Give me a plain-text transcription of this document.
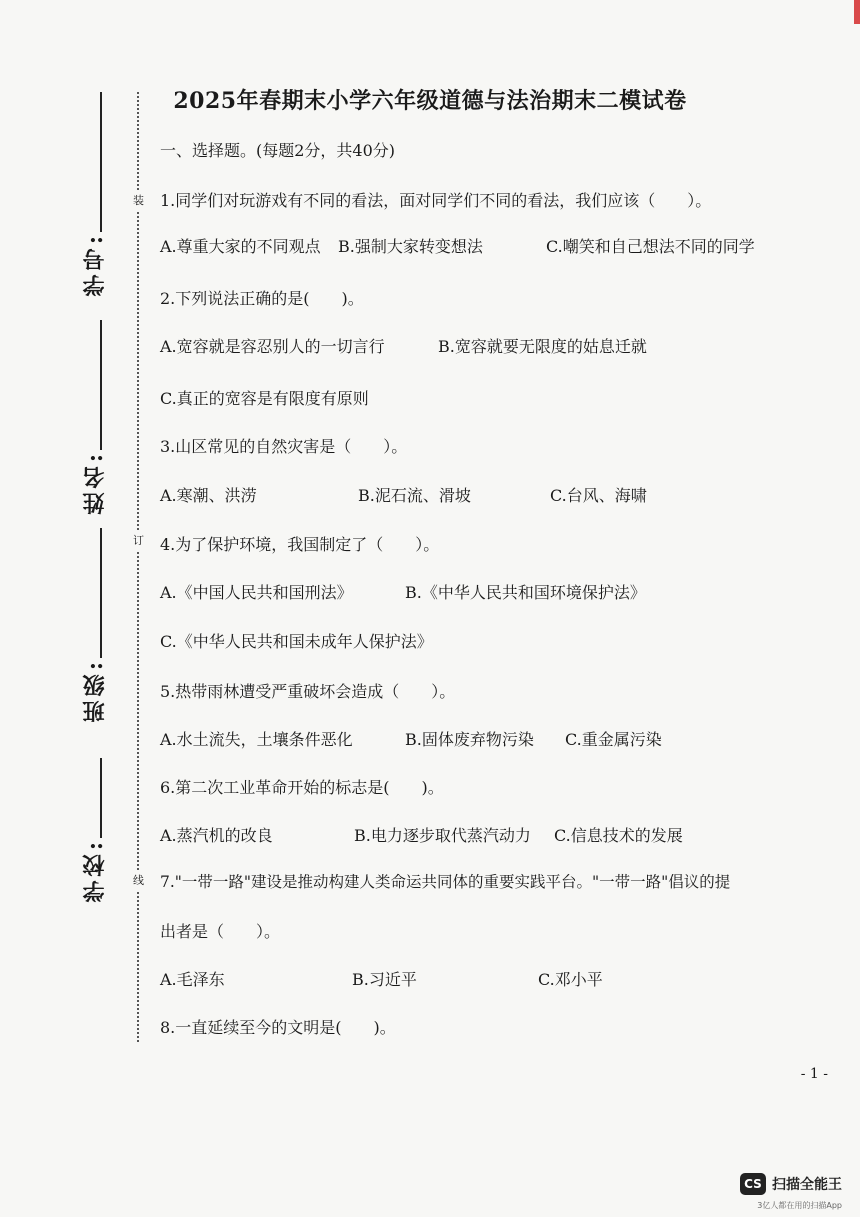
2025年春期末小学六年级道德与法治期末二模试卷
装
订
线
学号:
姓名:
班级:
学校:
一、选择题。(每题2分，共40分)
1.同学们对玩游戏有不同的看法，面对同学们不同的看法，我们应该（　　）。
A.尊重大家的不同观点 B.强制大家转变想法	C.嘲笑和自己想法不同的同学
2.下列说法正确的是(　　)。
A.宽容就是容忍别人的一切言行	B.宽容就要无限度的姑息迁就
C.真正的宽容是有限度有原则
3.山区常见的自然灾害是（　　）。
A.寒潮、洪涝	B.泥石流、滑坡	C.台风、海啸
4.为了保护环境，我国制定了（　　）。
A.《中国人民共和国刑法》	B.《中华人民共和国环境保护法》
C.《中华人民共和国未成年人保护法》
5.热带雨林遭受严重破坏会造成（　　）。
A.水土流失，土壤条件恶化	B.固体废弃物污染 C.重金属污染
6.第二次工业革命开始的标志是(　　)。
A.蒸汽机的改良	B.电力逐步取代蒸汽动力 C.信息技术的发展
7."一带一路"建设是推动构建人类命运共同体的重要实践平台。"一带一路"倡议的提
出者是（　　）。
A.毛泽东	B.习近平	C.邓小平
8.一直延续至今的文明是(　　)。
- 1 -
CS 扫描全能王
3亿人都在用的扫描App
